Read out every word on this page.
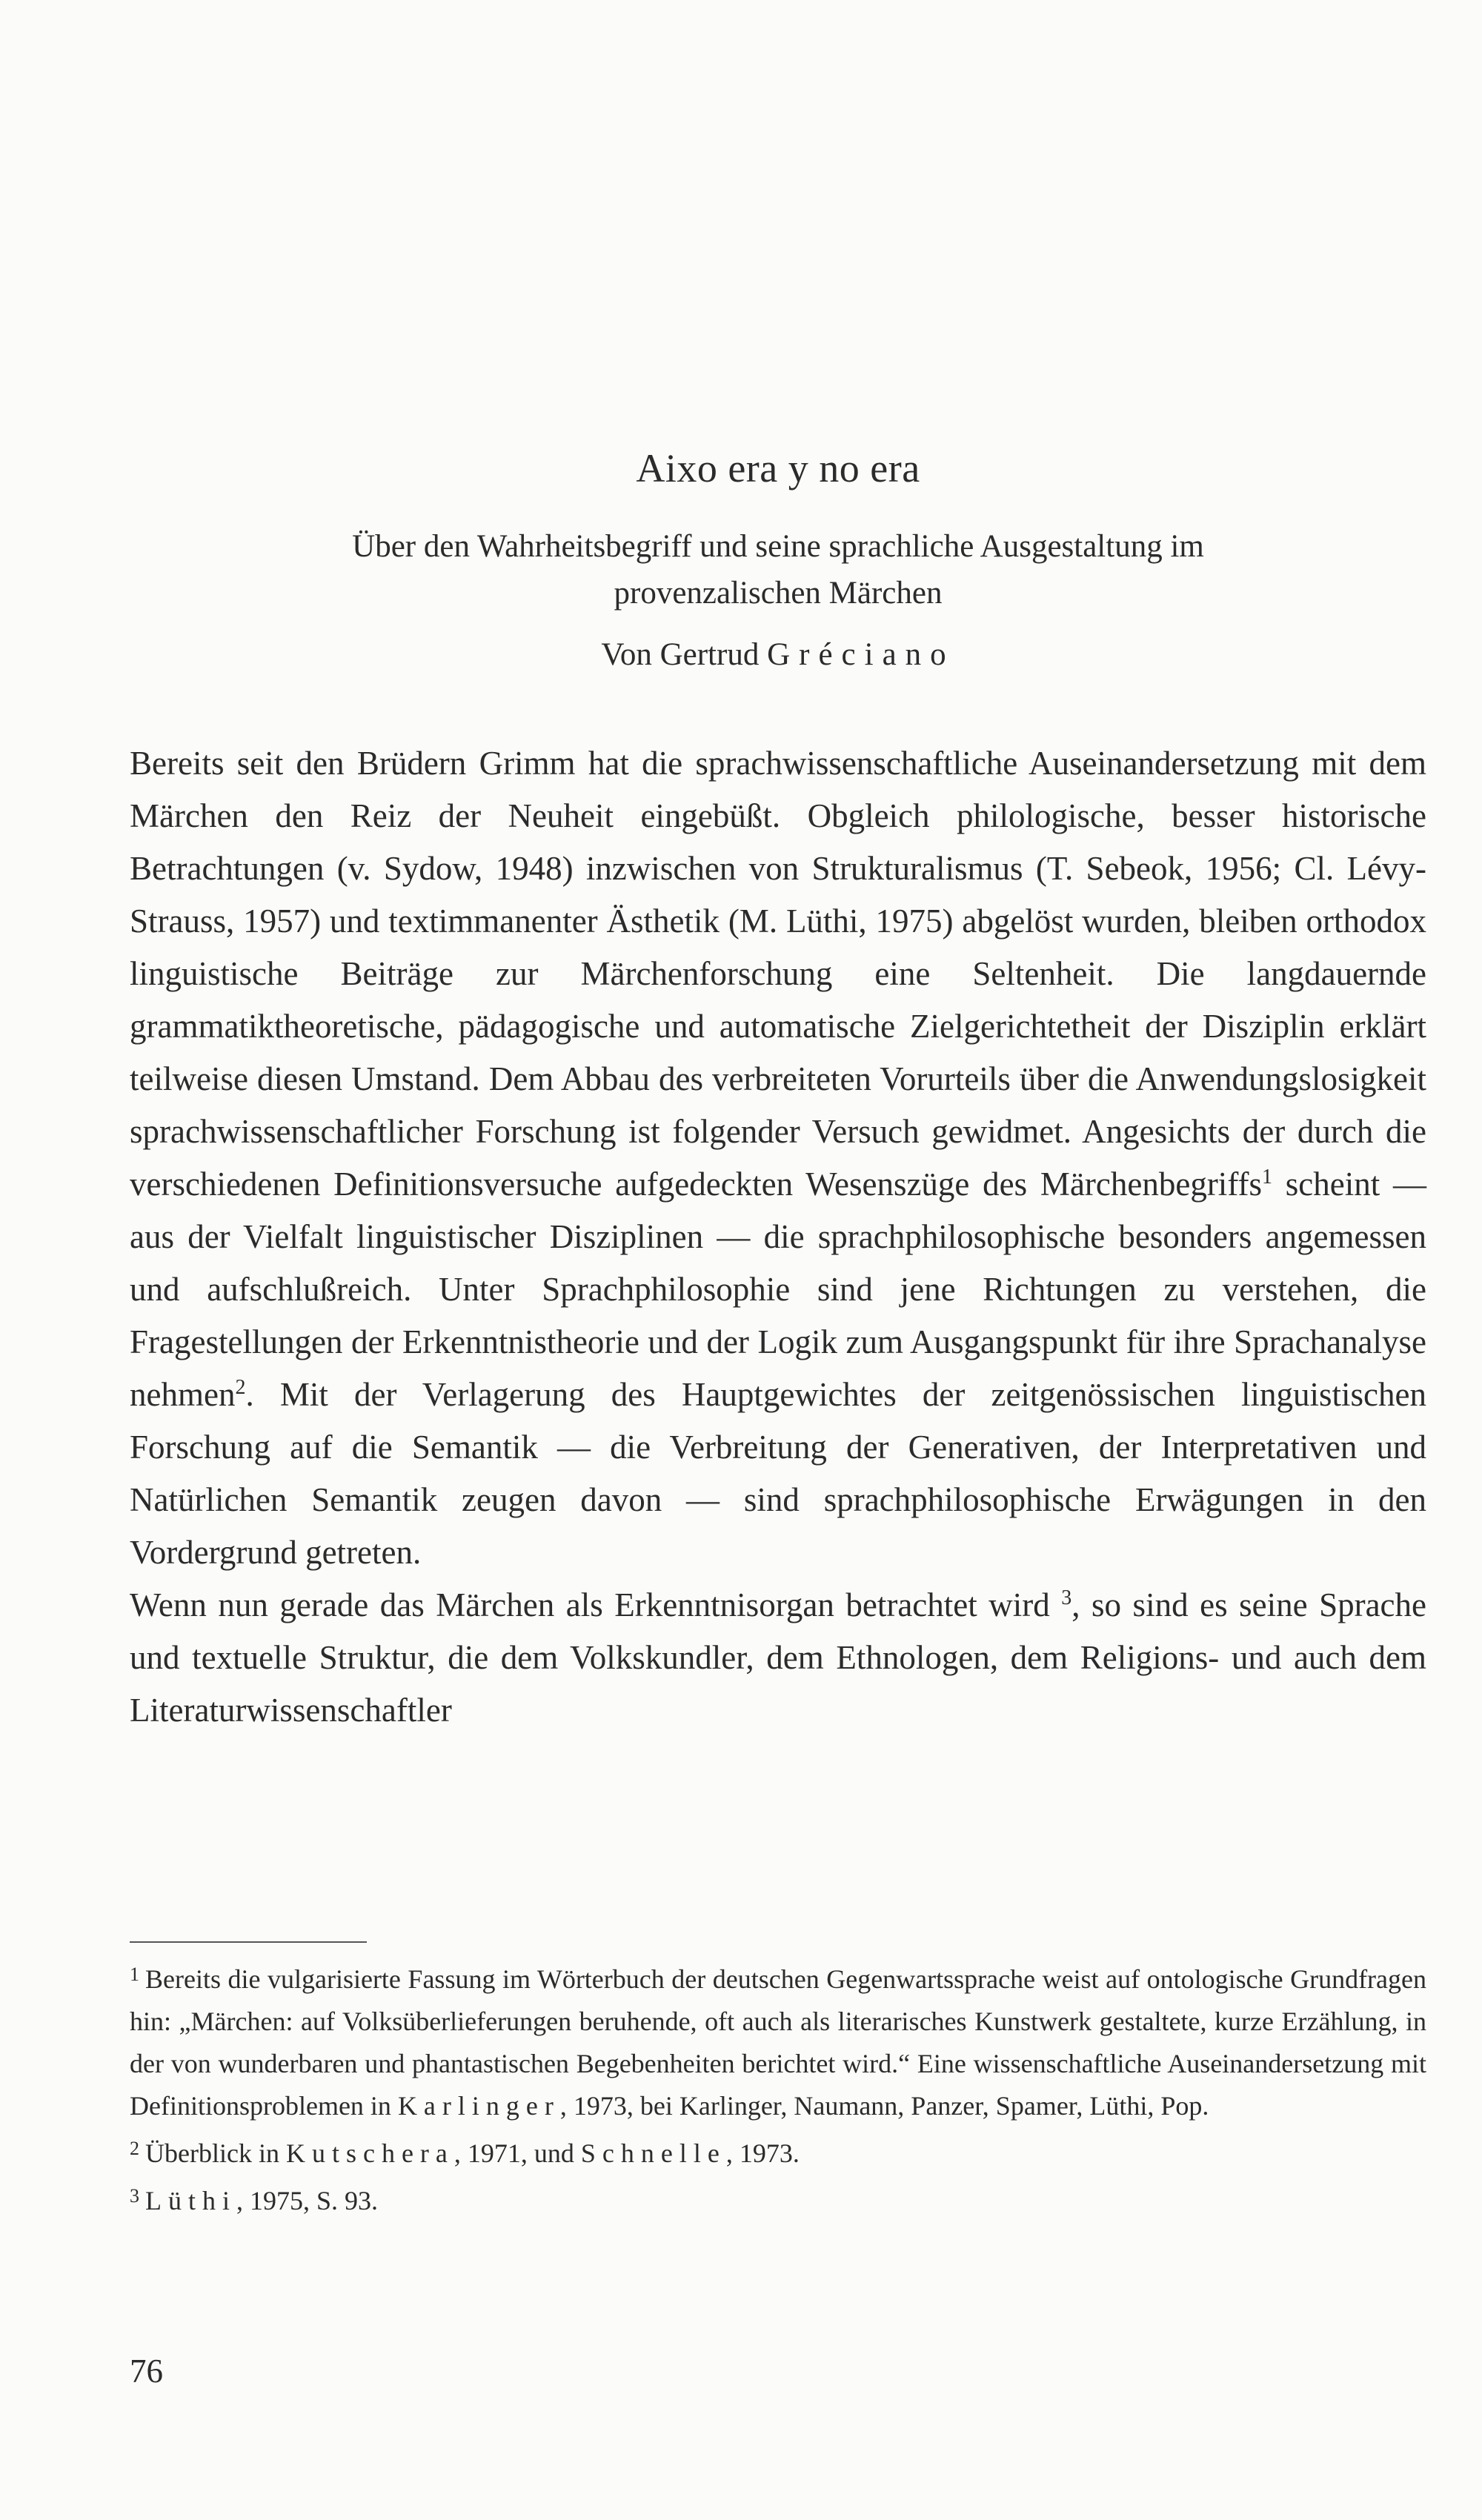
Aixo era y no era
Über den Wahrheitsbegriff und seine sprachliche Ausgestaltung im
provenzalischen Märchen
Von Gertrud Gréciano

Bereits seit den Brüdern Grimm hat die sprachwissenschaftliche Auseinandersetzung mit dem Märchen den Reiz der Neuheit eingebüßt. Obgleich philologische, besser historische Betrachtungen (v. Sydow, 1948) inzwischen von Strukturalismus (T. Sebeok, 1956; Cl. Lévy-Strauss, 1957) und textimmanenter Ästhetik (M. Lüthi, 1975) abgelöst wurden, bleiben orthodox linguistische Beiträge zur Märchenforschung eine Seltenheit. Die langdauernde grammatiktheoretische, pädagogische und automatische Zielgerichtetheit der Disziplin erklärt teilweise diesen Umstand. Dem Abbau des verbreiteten Vorurteils über die Anwendungslosigkeit sprachwissenschaftlicher Forschung ist folgender Versuch gewidmet. Angesichts der durch die verschiedenen Definitionsversuche aufgedeckten Wesenszüge des Märchenbegriffs$^1$ scheint — aus der Vielfalt linguistischer Disziplinen — die sprachphilosophische besonders angemessen und aufschlußreich. Unter Sprachphilosophie sind jene Richtungen zu verstehen, die Fragestellungen der Erkenntnistheorie und der Logik zum Ausgangspunkt für ihre Sprachanalyse nehmen$^2$. Mit der Verlagerung des Hauptgewichtes der zeitgenössischen linguistischen Forschung auf die Semantik — die Verbreitung der Generativen, der Interpretativen und Natürlichen Semantik zeugen davon — sind sprachphilosophische Erwägungen in den Vordergrund getreten.

Wenn nun gerade das Märchen als Erkenntnisorgan betrachtet wird $^3$, so sind es seine Sprache und textuelle Struktur, die dem Volkskundler, dem Ethnologen, dem Religions- und auch dem Literaturwissenschaftler

$^1$ Bereits die vulgarisierte Fassung im Wörterbuch der deutschen Gegenwartssprache weist auf ontologische Grundfragen hin: „Märchen: auf Volksüberlieferungen beruhende, oft auch als literarisches Kunstwerk gestaltete, kurze Erzählung, in der von wunderbaren und phantastischen Begebenheiten berichtet wird.“ Eine wissenschaftliche Auseinandersetzung mit Definitionsproblemen in Karlinger, 1973, bei Karlinger, Naumann, Panzer, Spamer, Lüthi, Pop.

$^2$ Überblick in Kutschera, 1971, und Schnelle, 1973.

$^3$ Lüthi, 1975, S. 93.

76
